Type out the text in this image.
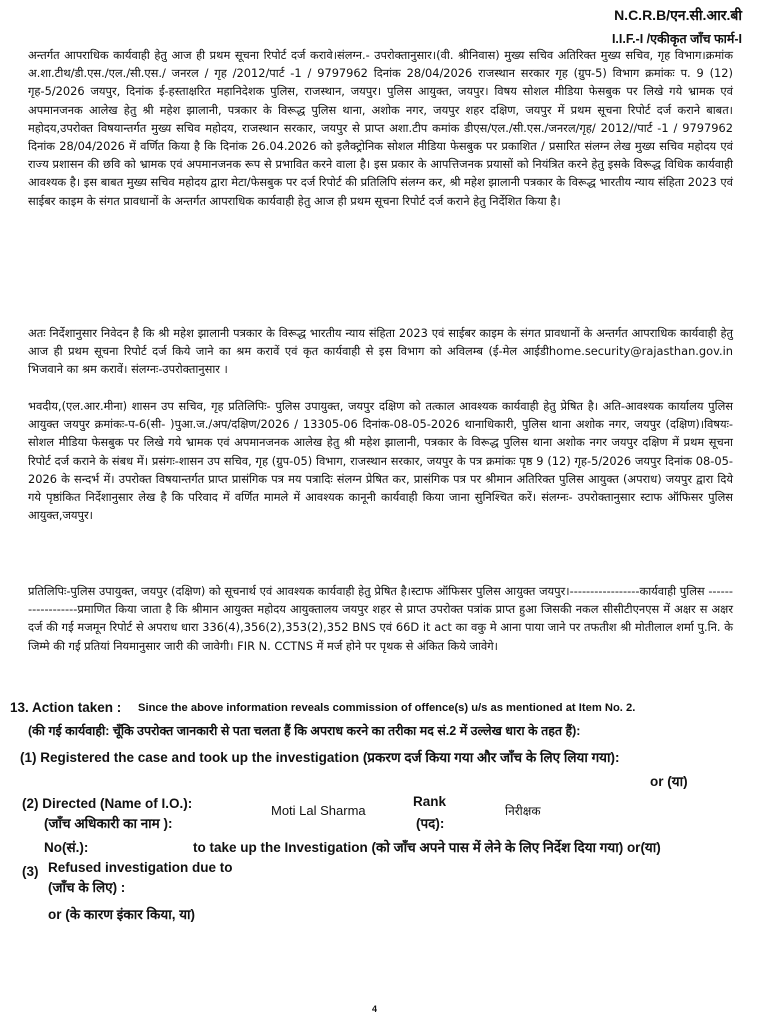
N.C.R.B/एन.सी.आर.बी
I.I.F.-I /एकीकृत जाँच फार्म-I

अन्तर्गत आपराधिक कार्यवाही हेतु आज ही प्रथम सूचना रिपोर्ट दर्ज करावे।संलग्न.- उपरोक्तानुसार।(वी. श्रीनिवास) मुख्य सचिव अतिरिक्त मुख्य सचिव, गृह विभाग।क्रमांक अ.शा.टीथ/डी.एस./एल./सी.एस./ जनरल / गृह /2012/पार्ट -1 / 9797962 दिनांक 28/04/2026 राजस्थान सरकार गृह (ग्रुप-5) विभाग क्रमांकः प. 9 (12) गृह-5/2026 जयपुर, दिनांक ई-हस्ताक्षरित महानिदेशक पुलिस, राजस्थान, जयपुर। पुलिस आयुक्त, जयपुर। विषय सोशल मीडिया फेसबुक पर लिखे गये भ्रामक एवं अपमानजनक आलेख हेतु श्री महेश झालानी, पत्रकार के विरूद्ध पुलिस थाना, अशोक नगर, जयपुर शहर दक्षिण, जयपुर में प्रथम सूचना रिपोर्ट दर्ज कराने बाबत। महोदय,उपरोक्त विषयान्तर्गत मुख्य सचिव महोदय, राजस्थान सरकार, जयपुर से प्राप्त अशा.टीप कमांक डीएस/एल./सी.एस./जनरल/गृह/ 2012//पार्ट -1 / 9797962 दिनांक 28/04/2026 में वर्णित किया है कि दिनांक 26.04.2026 को इलैक्ट्रोनिक सोशल मीडिया फेसबुक पर प्रकाशित / प्रसारित संलग्न लेख मुख्य सचिव महोदय एवं राज्य प्रशासन की छवि को भ्रामक एवं अपमानजनक रूप से प्रभावित करने वाला है। इस प्रकार के आपत्तिजनक प्रयासों को नियंत्रित करने हेतु इसके विरूद्ध विधिक कार्यवाही आवश्यक है। इस बाबत मुख्य सचिव महोदय द्वारा मेटा/फेसबुक पर दर्ज रिपोर्ट की प्रतिलिपि संलग्न कर, श्री महेश झालानी पत्रकार के विरूद्ध भारतीय न्याय संहिता 2023 एवं साईबर काइम के संगत प्रावधानों के अन्तर्गत आपराधिक कार्यवाही हेतु आज ही प्रथम सूचना रिपोर्ट दर्ज कराने हेतु निर्देशित किया है।

अतः निर्देशानुसार निवेदन है कि श्री महेश झालानी पत्रकार के विरूद्ध भारतीय न्याय संहिता 2023 एवं साईबर काइम के संगत प्रावधानों के अन्तर्गत आपराधिक कार्यवाही हेतु आज ही प्रथम सूचना रिपोर्ट दर्ज किये जाने का श्रम करावें एवं कृत कार्यवाही से इस विभाग को अविलम्ब (ई-मेल आईडीhome.security@rajasthan.gov.in भिजवाने का श्रम करावें। संलग्नः-उपरोक्तानुसार ।

भवदीय,(एल.आर.मीना) शासन उप सचिव, गृह प्रतिलिपिः- पुलिस उपायुक्त, जयपुर दक्षिण को तत्काल आवश्यक कार्यवाही हेतु प्रेषित है। अति-आवश्यक कार्यालय पुलिस आयुक्त जयपुर क्रमांकः-प-6(सी- )पुआ.ज./अप/दक्षिण/2026 / 13305-06 दिनांक-08-05-2026 थानाधिकारी, पुलिस थाना अशोक नगर, जयपुर (दक्षिण)।विषयः-सोशल मीडिया फेसबुक पर लिखे गये भ्रामक एवं अपमानजनक आलेख हेतु श्री महेश झालानी, पत्रकार के विरूद्ध पुलिस थाना अशोक नगर जयपुर दक्षिण में प्रथम सूचना रिपोर्ट दर्ज कराने के संबध में। प्रसंगः-शासन उप सचिव, गृह (ग्रुप-05) विभाग, राजस्थान सरकार, जयपुर के पत्र क्रमांकः पृष्ठ 9 (12) गृह-5/2026 जयपुर दिनांक 08-05-2026 के सन्दर्भ में। उपरोक्त विषयान्तर्गत प्राप्त प्रासंगिक पत्र मय पत्रादिः संलग्न प्रेषित कर, प्रासंगिक पत्र पर श्रीमान अतिरिक्त पुलिस आयुक्त (अपराध) जयपुर द्वारा दिये गये पृष्ठांकित निर्देशानुसार लेख है कि परिवाद में वर्णित मामले में आवश्यक कानूनी कार्यवाही किया जाना सुनिश्चित करें। संलग्नः- उपरोक्तानुसार स्टाफ ऑफिसर पुलिस आयुक्त,जयपुर।

प्रतिलिपिः-पुलिस उपायुक्त, जयपुर (दक्षिण) को सूचनार्थ एवं आवश्यक कार्यवाही हेतु प्रेषित है।स्टाफ ऑफिसर पुलिस आयुक्त जयपुर।-----------------कार्यवाही पुलिस ------------------प्रमाणित किया जाता है कि श्रीमान आयुक्त महोदय आयुक्तालय जयपुर शहर से प्राप्त उपरोक्त पत्रांक प्राप्त हुआ जिसकी नकल सीसीटीएनएस में अक्षर स अक्षर दर्ज की गई मजमून रिपोर्ट से अपराध धारा 336(4),356(2),353(2),352 BNS एवं 66D it act का वकु मे आना पाया जाने पर तफतीश श्री मोतीलाल शर्मा पु.नि. के जिम्मे की गई प्रतियां नियमानुसार जारी की जावेगी। FIR N. CCTNS में मर्ज होने पर पृथक से अंकित किये जावेगे।

13. Action taken : Since the above information reveals commission of offence(s) u/s as mentioned at Item No. 2.
(की गई कार्यवाही: चूँकि उपरोक्त जानकारी से पता चलता हैं कि अपराध करने का तरीका मद सं.2 में उल्लेख धारा के तहत हैं):
(1) Registered the case and took up the investigation (प्रकरण दर्ज किया गया और जाँच के लिए लिया गया):
or (या)
(2) Directed (Name of I.O.):
(जाँच अधिकारी का नाम ):
Moti Lal Sharma
Rank
(पद):
निरीक्षक
No(सं.):	to take up the Investigation (को जाँच अपने पास में लेने के लिए निर्देश दिया गया) or(या)
(3) Refused investigation due to
(जाँच के लिए) :
or (के कारण इंकार किया, या)
4
